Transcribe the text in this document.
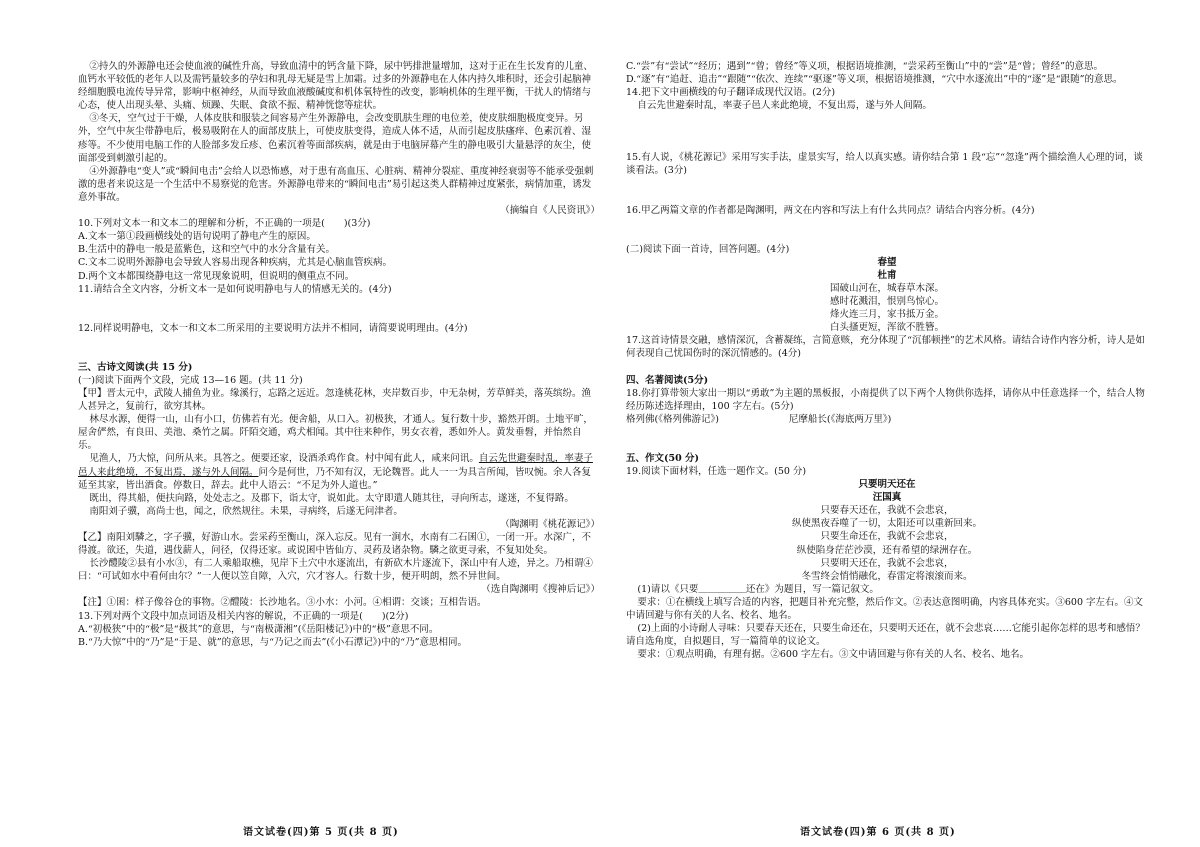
②持久的外源静电还会使血液的碱性升高，导致血清中的钙含量下降，尿中钙排泄量增加，这对于正在生长发育的儿童、血钙水平较低的老年人以及需钙量较多的孕妇和乳母无疑是雪上加霜。过多的外源静电在人体内持久堆积时，还会引起脑神经细胞膜电流传导异常，影响中枢神经，从而导致血液酸碱度和机体氧特性的改变，影响机体的生理平衡，干扰人的情绪与心态，使人出现头晕、头痛、烦躁、失眠、食欲不振、精神恍惚等症状。

③冬天，空气过于干燥，人体皮肤和服装之间容易产生外源静电，会改变肌肤生理的电位差，使皮肤细胞极度变异。另外，空气中灰尘带静电后，极易吸附在人的面部皮肤上，可使皮肤变得，造成人体不适，从而引起皮肤瘙痒、色素沉着、湿疹等。不少使用电脑工作的人脸部多发丘疹、色素沉着等面部疾病，就是由于电脑屏幕产生的静电吸引大量悬浮的灰尘，使面部受到刺激引起的。

④外源静电“变人”或“瞬间电击”会给人以恐怖感，对于患有高血压、心脏病、精神分裂症、重度神经衰弱等不能承受强刺激的患者来说这是一个生活中不易察觉的危害。外源静电带来的“瞬间电击”易引起这类人群精神过度紧张，病情加重，诱发意外事故。

（摘编自《人民资讯》）

10.下列对文本一和文本二的理解和分析，不正确的一项是(　　)(3分)

A.文本一第①段画横线处的语句说明了静电产生的原因。

B.生活中的静电一般是蓝紫色，这和空气中的水分含量有关。

C.文本二说明外源静电会导致人容易出现各种疾病，尤其是心脑血管疾病。

D.两个文本都围绕静电这一常见现象说明，但说明的侧重点不同。

11.请结合全文内容，分析文本一是如何说明静电与人的情感无关的。(4分)

12.同样说明静电，文本一和文本二所采用的主要说明方法并不相同，请简要说明理由。(4分)

三、古诗文阅读(共 15 分)

(一)阅读下面两个文段，完成 13—16 题。(共 11 分)

【甲】晋太元中，武陵人捕鱼为业。缘溪行，忘路之远近。忽逢桃花林，夹岸数百步，中无杂树，芳草鲜美，落英缤纷。渔人甚异之，复前行，欲穷其林。

林尽水源，便得一山，山有小口，仿佛若有光。便舍船，从口入。初极狭，才通人。复行数十步，豁然开朗。土地平旷，屋舍俨然，有良田、美池、桑竹之属。阡陌交通，鸡犬相闻。其中往来种作，男女衣着，悉如外人。黄发垂髫，并怡然自乐。

见渔人，乃大惊，问所从来。具答之。便要还家，设酒杀鸡作食。村中闻有此人，咸来问讯。自云先世避秦时乱，率妻子邑人来此绝境，不复出焉，遂与外人间隔。问今是何世，乃不知有汉，无论魏晋。此人一一为具言所闻，皆叹惋。余人各复延至其家，皆出酒食。停数日，辞去。此中人语云：“不足为外人道也。”

既出，得其船，便扶向路，处处志之。及郡下，诣太守，说如此。太守即遣人随其往，寻向所志，遂迷，不复得路。

南阳刘子骥，高尚士也，闻之，欣然规往。未果，寻病终，后遂无问津者。

（陶渊明《桃花源记》）

【乙】南阳刘驎之，字子骥，好游山水。尝采药至衡山，深入忘反。见有一涧水，水南有二石囷①，一闭一开。水深广，不得渡。欲还，失道，遇伐薪人，问径，仅得还家。或说囷中皆仙方、灵药及诸杂物。驎之欲更寻索，不复知处矣。

长沙醴陵②县有小水③，有二人乘船取樵，见岸下土穴中水逐流出，有新砍木片逐流下，深山中有人迹，异之。乃相谓④曰：“可试如水中看何由尔？”一人便以笠自障，入穴，穴才容人。行数十步，便开明朗，然不异世间。

（选自陶渊明《搜神后记》）

【注】①囷：样子像谷仓的事物。②醴陵：长沙地名。③小水：小河。④相谓：交谈；互相告语。

13.下列对两个文段中加点词语及相关内容的解说，不正确的一项是(　　)(2分)

A.“初极狭”中的“极”是“极其”的意思，与“南极潇湘”(《岳阳楼记》)中的“极”意思不同。

B.“乃大惊”中的“乃”是“于是、就”的意思，与“乃记之而去”(《小石潭记》)中的“乃”意思相同。

C.“尝”有“尝试”“经历；遇到”“曾；曾经”等义项，根据语境推测，“尝采药至衡山”中的“尝”是“曾；曾经”的意思。

D.“逐”有“追赶、追击”“跟随”“依次、连续”“驱逐”等义项，根据语境推测，“穴中水逐流出”中的“逐”是“跟随”的意思。

14.把下文中画横线的句子翻译成现代汉语。(2分)

自云先世避秦时乱，率妻子邑人来此绝境，不复出焉，遂与外人间隔。

15.有人说，《桃花源记》采用写实手法，虚景实写，给人以真实感。请你结合第 1 段“忘”“忽逢”两个描绘渔人心理的词，谈谈看法。(3分)

16.甲乙两篇文章的作者都是陶渊明，两文在内容和写法上有什么共同点？请结合内容分析。(4分)

(二)阅读下面一首诗，回答问题。(4分)

春望

杜甫

国破山河在，城春草木深。

感时花溅泪，恨别鸟惊心。

烽火连三月，家书抵万金。

白头搔更短，浑欲不胜簪。

17.这首诗情景交融，感情深沉，含蓄凝练，言简意赅，充分体现了“沉郁顿挫”的艺术风格。请结合诗作内容分析，诗人是如何表现自己忧国伤时的深沉情感的。(4分)

四、名著阅读(5分)

18.你打算带领大家出一期以“勇敢”为主题的黑板报，小南提供了以下两个人物供你选择，请你从中任意选择一个，结合人物经历陈述选择理由，100 字左右。(5分)

格列佛(《格列佛游记》)	尼摩船长(《海底两万里》)

五、作文(50 分)

19.阅读下面材料，任选一题作文。(50 分)

只要明天还在

汪国真

只要春天还在，我就不会悲哀，

纵使黑夜吞噬了一切，太阳还可以重新回来。

只要生命还在，我就不会悲哀，

纵使陷身茫茫沙漠，还有希望的绿洲存在。

只要明天还在，我就不会悲哀，

冬雪终会悄悄融化，春雷定将滚滚而来。

(1)请以《只要＿＿＿＿＿还在》为题目，写一篇记叙文。

要求：①在横线上填写合适的内容，把题目补充完整，然后作文。②表达意图明确，内容具体充实。③600 字左右。④文中请回避与你有关的人名、校名、地名。

(2)上面的小诗耐人寻味：只要春天还在，只要生命还在，只要明天还在，就不会悲哀……它能引起你怎样的思考和感悟？请自选角度，自拟题目，写一篇简单的议论文。

要求：①观点明确，有理有据。②600 字左右。③文中请回避与你有关的人名、校名、地名。

语文试卷(四)第 5 页(共 8 页)	语文试卷(四)第 6 页(共 8 页)
